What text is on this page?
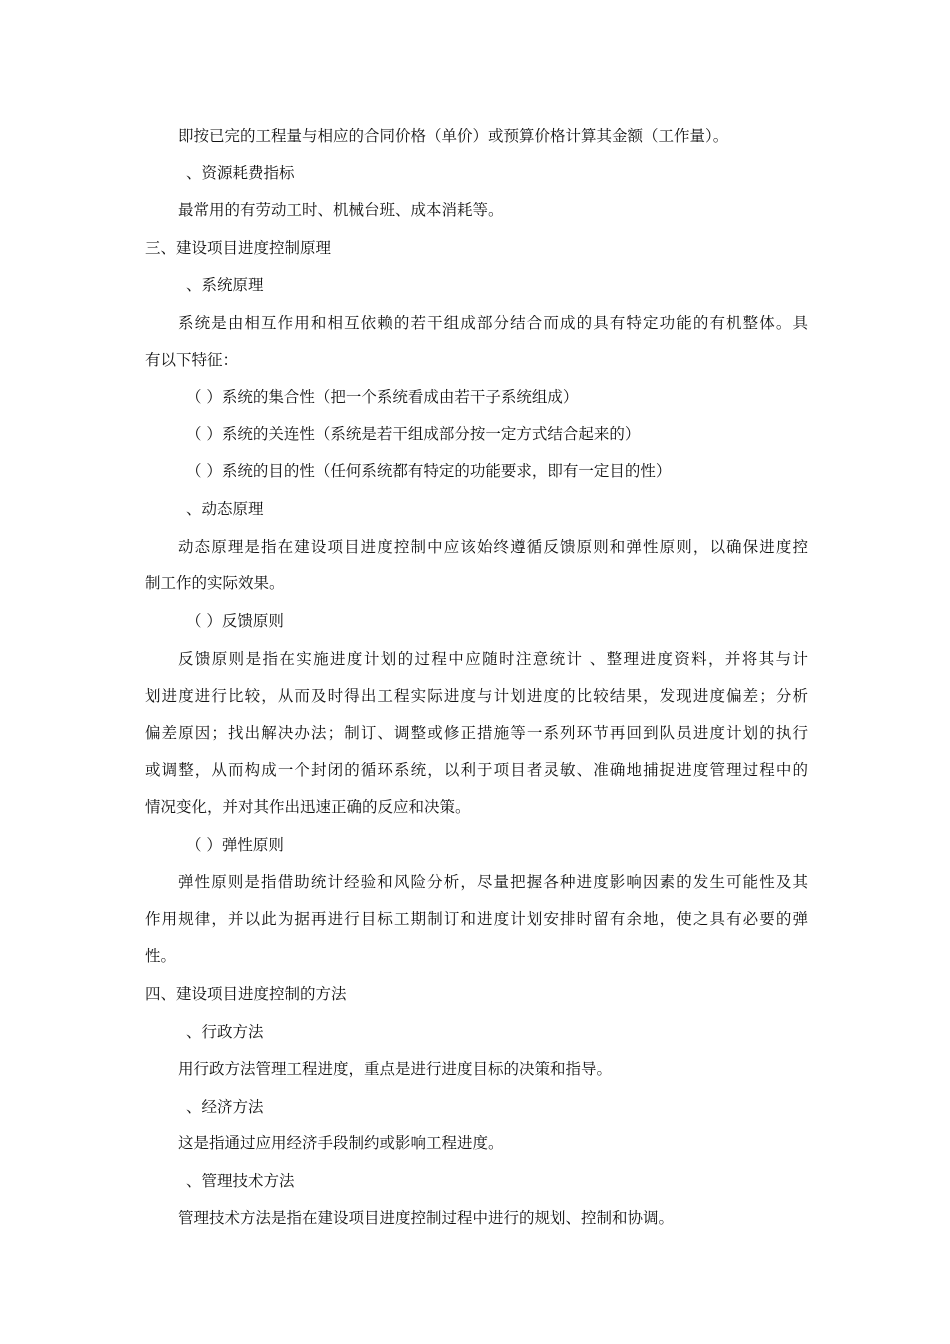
即按已完的工程量与相应的合同价格（单价）或预算价格计算其金额（工作量）。
、资源耗费指标
最常用的有劳动工时、机械台班、成本消耗等。
三、建设项目进度控制原理
、系统原理
系统是由相互作用和相互依赖的若干组成部分结合而成的具有特定功能的有机整体。具
有以下特征：
（ ）系统的集合性（把一个系统看成由若干子系统组成）
（ ）系统的关连性（系统是若干组成部分按一定方式结合起来的）
（ ）系统的目的性（任何系统都有特定的功能要求，即有一定目的性）
、动态原理
动态原理是指在建设项目进度控制中应该始终遵循反馈原则和弹性原则，以确保进度控
制工作的实际效果。
（ ）反馈原则
反馈原则是指在实施进度计划的过程中应随时注意统计 、整理进度资料，并将其与计
划进度进行比较，从而及时得出工程实际进度与计划进度的比较结果，发现进度偏差；分析
偏差原因；找出解决办法；制订、调整或修正措施等一系列环节再回到队员进度计划的执行
或调整，从而构成一个封闭的循环系统，以利于项目者灵敏、准确地捕捉进度管理过程中的
情况变化，并对其作出迅速正确的反应和决策。
（ ）弹性原则
弹性原则是指借助统计经验和风险分析，尽量把握各种进度影响因素的发生可能性及其
作用规律，并以此为据再进行目标工期制订和进度计划安排时留有余地，使之具有必要的弹
性。
四、建设项目进度控制的方法
、行政方法
用行政方法管理工程进度，重点是进行进度目标的决策和指导。
、经济方法
这是指通过应用经济手段制约或影响工程进度。
、管理技术方法
管理技术方法是指在建设项目进度控制过程中进行的规划、控制和协调。
